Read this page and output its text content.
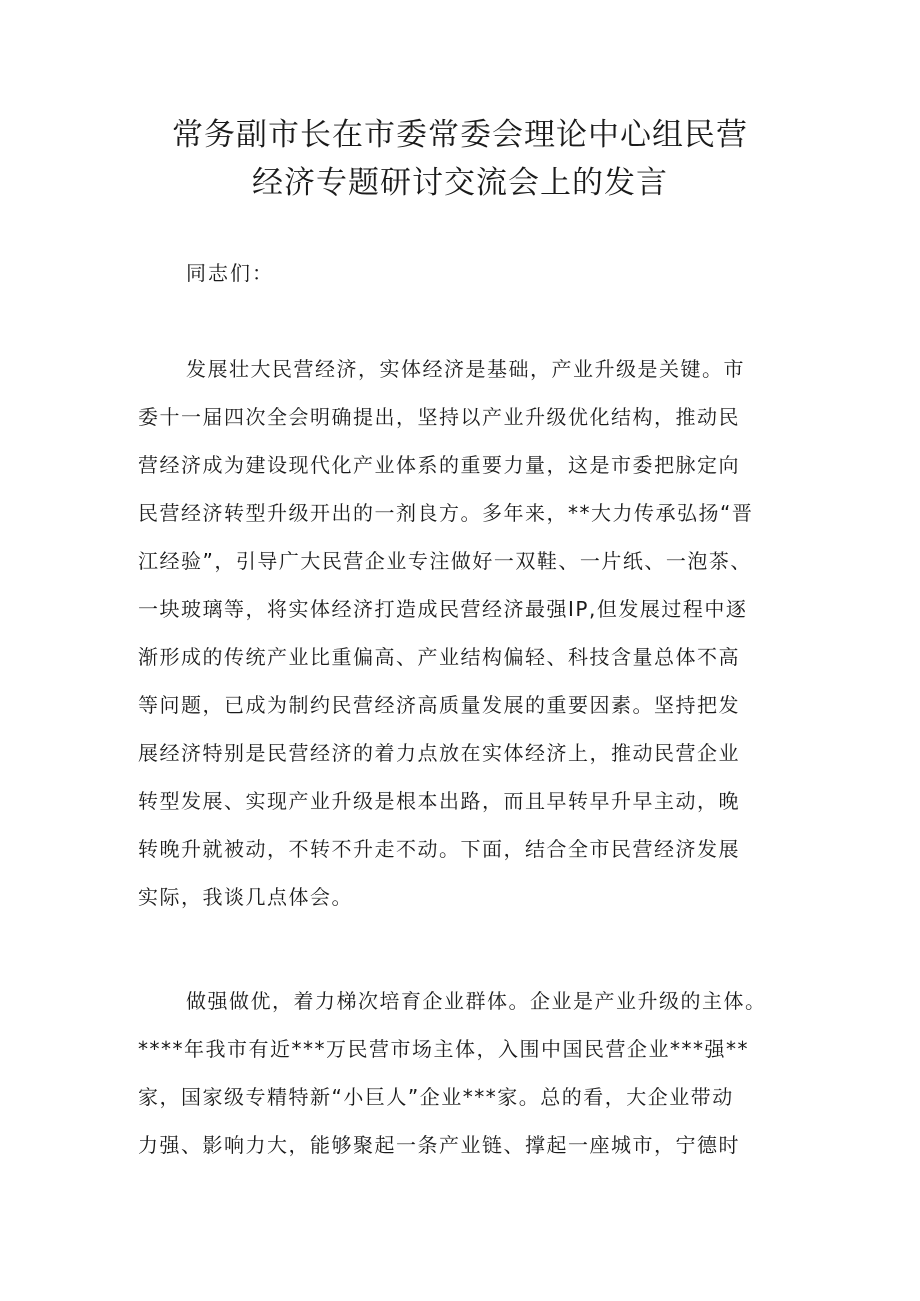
常务副市长在市委常委会理论中心组民营
经济专题研讨交流会上的发言
同志们：
发展壮大民营经济，实体经济是基础，产业升级是关键。市
委十一届四次全会明确提出，坚持以产业升级优化结构，推动民
营经济成为建设现代化产业体系的重要力量，这是市委把脉定向
民营经济转型升级开出的一剂良方。多年来，**大力传承弘扬“晋
江经验”，引导广大民营企业专注做好一双鞋、一片纸、一泡茶、
一块玻璃等，将实体经济打造成民营经济最强IP,但发展过程中逐
渐形成的传统产业比重偏高、产业结构偏轻、科技含量总体不高
等问题，已成为制约民营经济高质量发展的重要因素。坚持把发
展经济特别是民营经济的着力点放在实体经济上，推动民营企业
转型发展、实现产业升级是根本出路，而且早转早升早主动，晚
转晚升就被动，不转不升走不动。下面，结合全市民营经济发展
实际，我谈几点体会。
做强做优，着力梯次培育企业群体。企业是产业升级的主体。
****年我市有近***万民营市场主体，入围中国民营企业***强**
家，国家级专精特新“小巨人”企业***家。总的看，大企业带动
力强、影响力大，能够聚起一条产业链、撑起一座城市，宁德时
